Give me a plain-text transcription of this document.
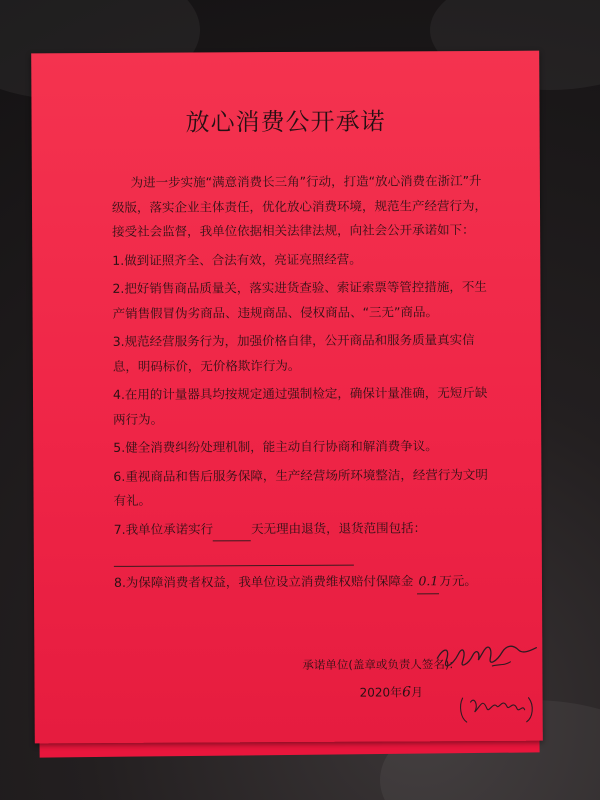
放心消费公开承诺

为进一步实施“满意消费长三角”行动，打造“放心消费在浙江”升级版，落实企业主体责任，优化放心消费环境，规范生产经营行为，接受社会监督，我单位依据相关法律法规，向社会公开承诺如下：

1.做到证照齐全、合法有效，亮证亮照经营。

2.把好销售商品质量关，落实进货查验、索证索票等管控措施，不生产销售假冒伪劣商品、违规商品、侵权商品、“三无”商品。

3.规范经营服务行为，加强价格自律，公开商品和服务质量真实信息，明码标价，无价格欺诈行为。

4.在用的计量器具均按规定通过强制检定，确保计量准确，无短斤缺两行为。

5.健全消费纠纷处理机制，能主动自行协商和解消费争议。

6.重视商品和售后服务保障，生产经营场所环境整洁，经营行为文明有礼。

7.我单位承诺实行	天无理由退货，退货范围包括：

8.为保障消费者权益，我单位设立消费维权赔付保障金 0.1万元。

承诺单位(盖章或负责人签名):
2020年6月
